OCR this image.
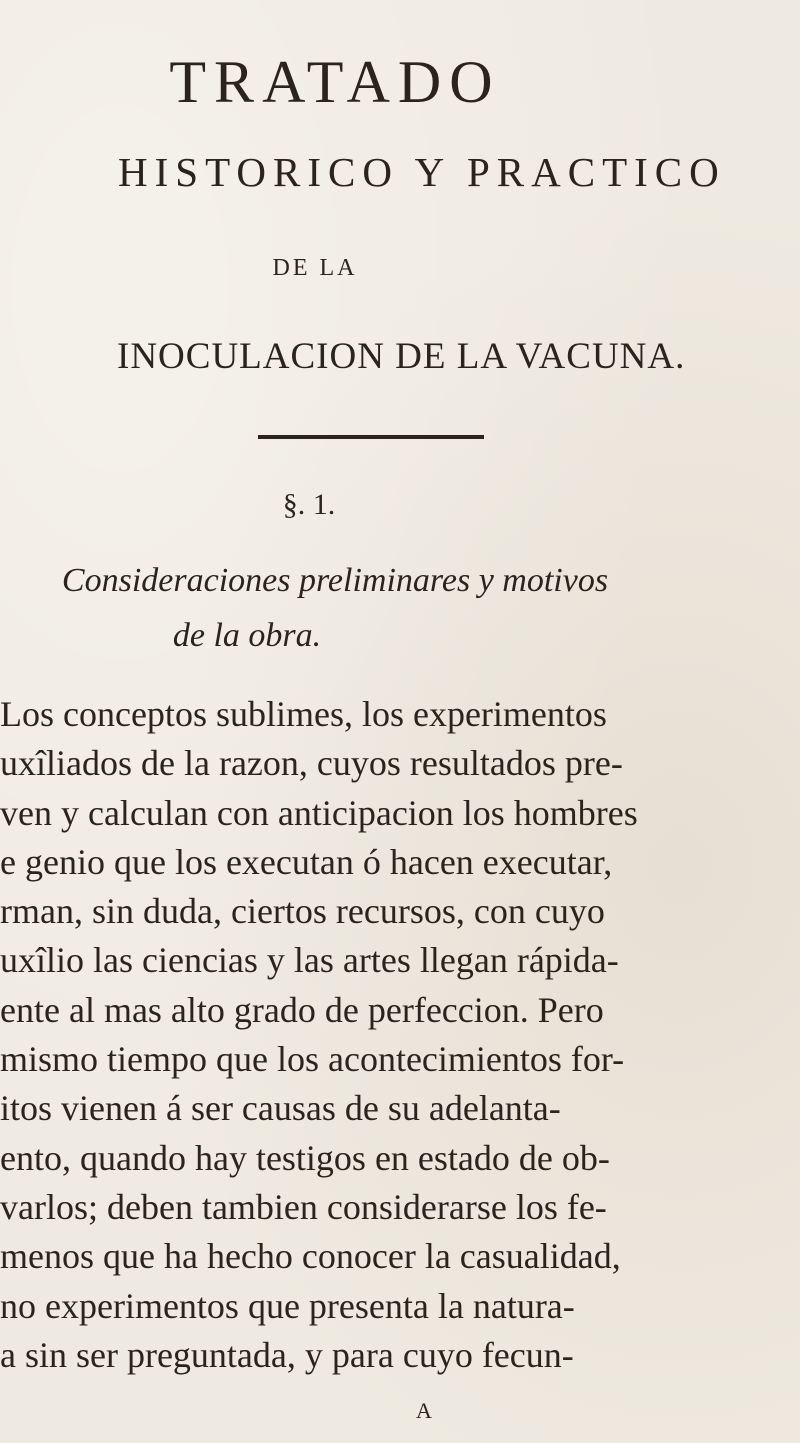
TRATADO
HISTORICO Y PRACTICO
DE LA
INOCULACION DE LA VACUNA.
§. 1.
Consideraciones preliminares y motivos
de la obra.
Los conceptos sublimes, los experimentos
uxîliados de la razon, cuyos resultados pre-
ven y calculan con anticipacion los hombres
e genio que los executan ó hacen executar,
rman, sin duda, ciertos recursos, con cuyo
uxîlio las ciencias y las artes llegan rápida-
ente al mas alto grado de perfeccion. Pero
mismo tiempo que los acontecimientos for-
itos vienen á ser causas de su adelanta-
ento, quando hay testigos en estado de ob-
varlos; deben tambien considerarse los fe-
menos que ha hecho conocer la casualidad,
no experimentos que presenta la natura-
a sin ser preguntada, y para cuyo fecun-
A
